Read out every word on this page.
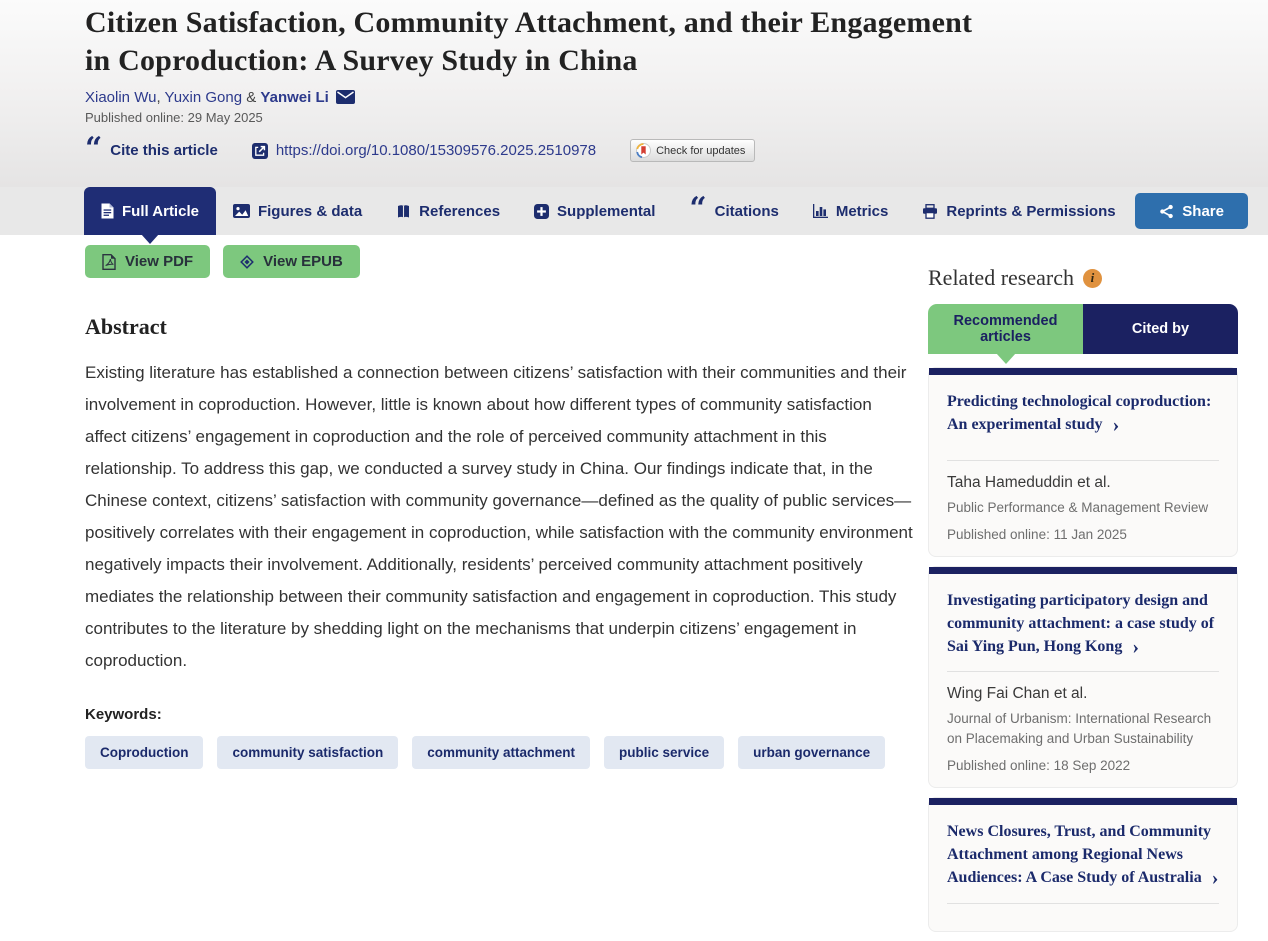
Citizen Satisfaction, Community Attachment, and their Engagement in Coproduction: A Survey Study in China
Xiaolin Wu, Yuxin Gong & Yanwei Li
Published online: 29 May 2025
“ Cite this article	https://doi.org/10.1080/15309576.2025.2510978	Check for updates
Full Article	Figures & data	References	Supplemental “ Citations	Metrics	Reprints & Permissions	Share
View PDF	View EPUB
Abstract

Existing literature has established a connection between citizens’ satisfaction with their communities and their involvement in coproduction. However, little is known about how different types of community satisfaction affect citizens’ engagement in coproduction and the role of perceived community attachment in this relationship. To address this gap, we conducted a survey study in China. Our findings indicate that, in the Chinese context, citizens’ satisfaction with community governance—defined as the quality of public services—positively correlates with their engagement in coproduction, while satisfaction with the community environment negatively impacts their involvement. Additionally, residents’ perceived community attachment positively mediates the relationship between their community satisfaction and engagement in coproduction. This study contributes to the literature by shedding light on the mechanisms that underpin citizens’ engagement in coproduction.

Keywords:
Coproduction	community satisfaction	community attachment	public service	urban governance
Related research	i
Recommended articles	Cited by
Predicting technological coproduction: An experimental study ›
Taha Hameduddin et al.
Public Performance & Management Review
Published online: 11 Jan 2025
Investigating participatory design and community attachment: a case study of Sai Ying Pun, Hong Kong ›
Wing Fai Chan et al.
Journal of Urbanism: International Research on Placemaking and Urban Sustainability
Published online: 18 Sep 2022
News Closures, Trust, and Community Attachment among Regional News Audiences: A Case Study of Australia ›
